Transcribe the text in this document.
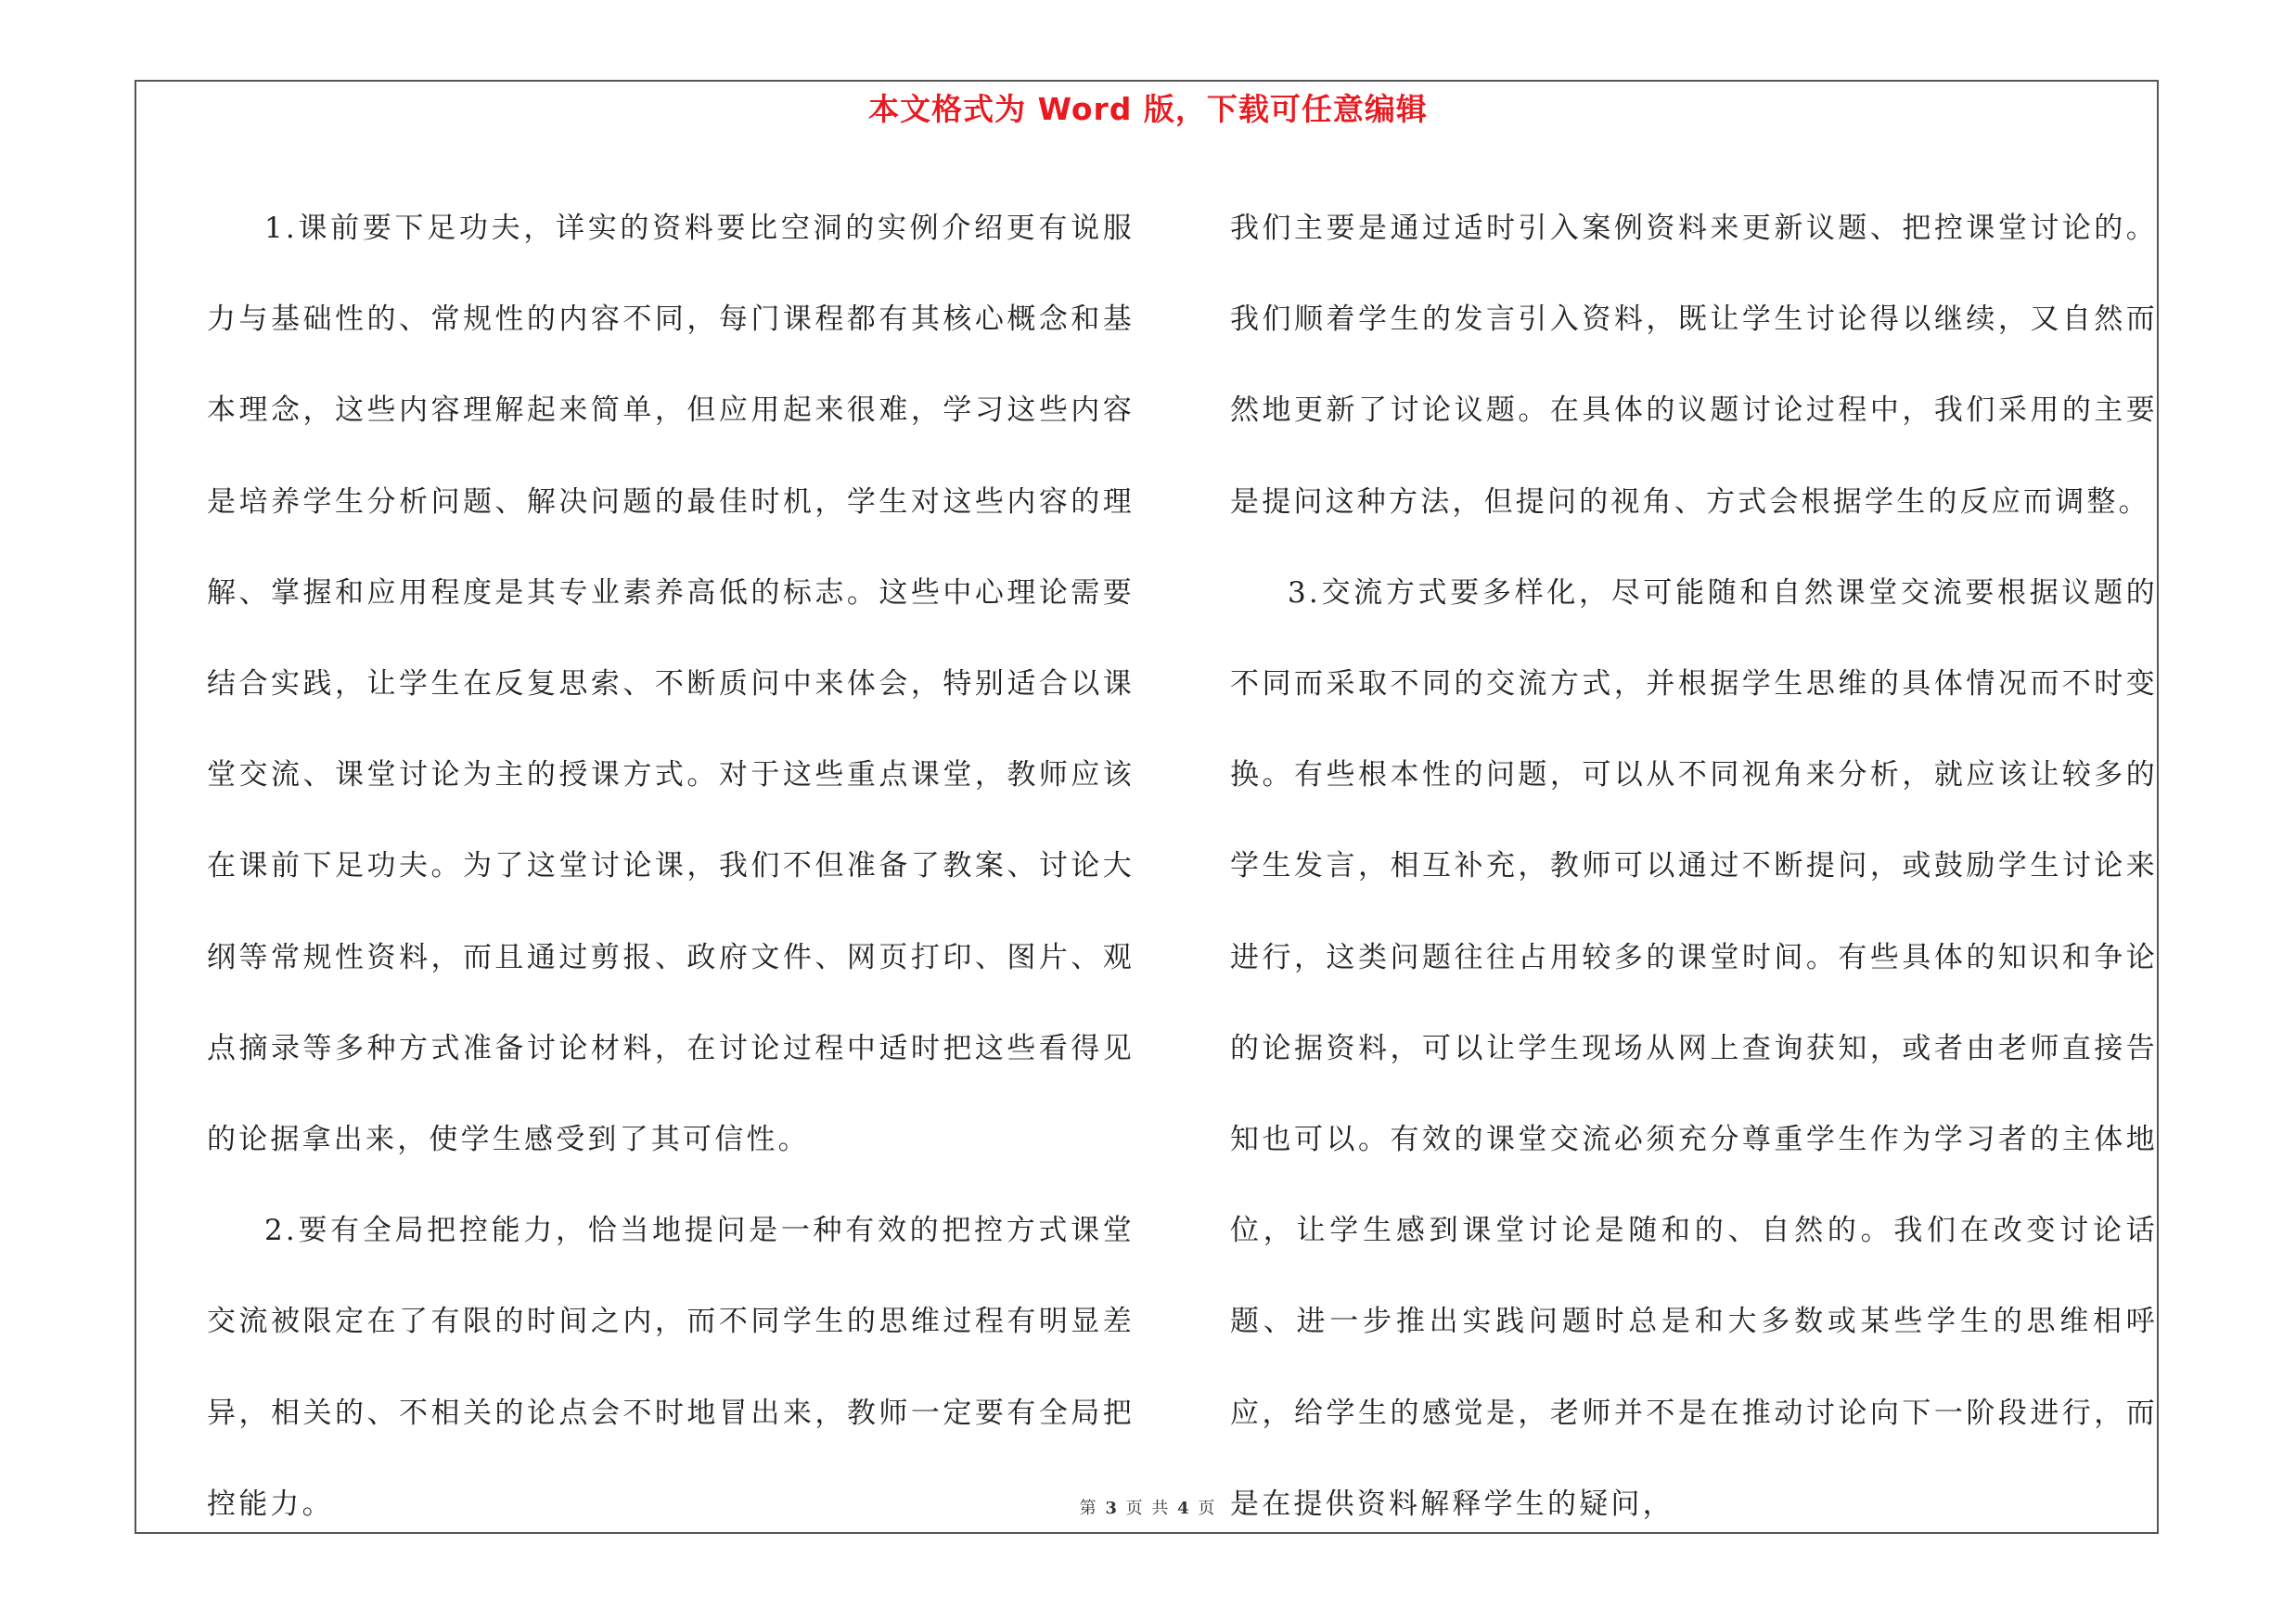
本文格式为 Word 版，下载可任意编辑

1.课前要下足功夫，详实的资料要比空洞的实例介绍更有说服力与基础性的、常规性的内容不同，每门课程都有其核心概念和基本理念，这些内容理解起来简单，但应用起来很难，学习这些内容是培养学生分析问题、解决问题的最佳时机，学生对这些内容的理解、掌握和应用程度是其专业素养高低的标志。这些中心理论需要结合实践，让学生在反复思索、不断质问中来体会，特别适合以课堂交流、课堂讨论为主的授课方式。对于这些重点课堂，教师应该在课前下足功夫。为了这堂讨论课，我们不但准备了教案、讨论大纲等常规性资料，而且通过剪报、政府文件、网页打印、图片、观点摘录等多种方式准备讨论材料，在讨论过程中适时把这些看得见的论据拿出来，使学生感受到了其可信性。

2.要有全局把控能力，恰当地提问是一种有效的把控方式课堂交流被限定在了有限的时间之内，而不同学生的思维过程有明显差异，相关的、不相关的论点会不时地冒出来，教师一定要有全局把控能力。

我们主要是通过适时引入案例资料来更新议题、把控课堂讨论的。我们顺着学生的发言引入资料，既让学生讨论得以继续，又自然而然地更新了讨论议题。在具体的议题讨论过程中，我们采用的主要是提问这种方法，但提问的视角、方式会根据学生的反应而调整。

3.交流方式要多样化，尽可能随和自然课堂交流要根据议题的不同而采取不同的交流方式，并根据学生思维的具体情况而不时变换。有些根本性的问题，可以从不同视角来分析，就应该让较多的学生发言，相互补充，教师可以通过不断提问，或鼓励学生讨论来进行，这类问题往往占用较多的课堂时间。有些具体的知识和争论的论据资料，可以让学生现场从网上查询获知，或者由老师直接告知也可以。有效的课堂交流必须充分尊重学生作为学习者的主体地位，让学生感到课堂讨论是随和的、自然的。我们在改变讨论话题、进一步推出实践问题时总是和大多数或某些学生的思维相呼应，给学生的感觉是，老师并不是在推动讨论向下一阶段进行，而是在提供资料解释学生的疑问，

第 3 页 共 4 页
